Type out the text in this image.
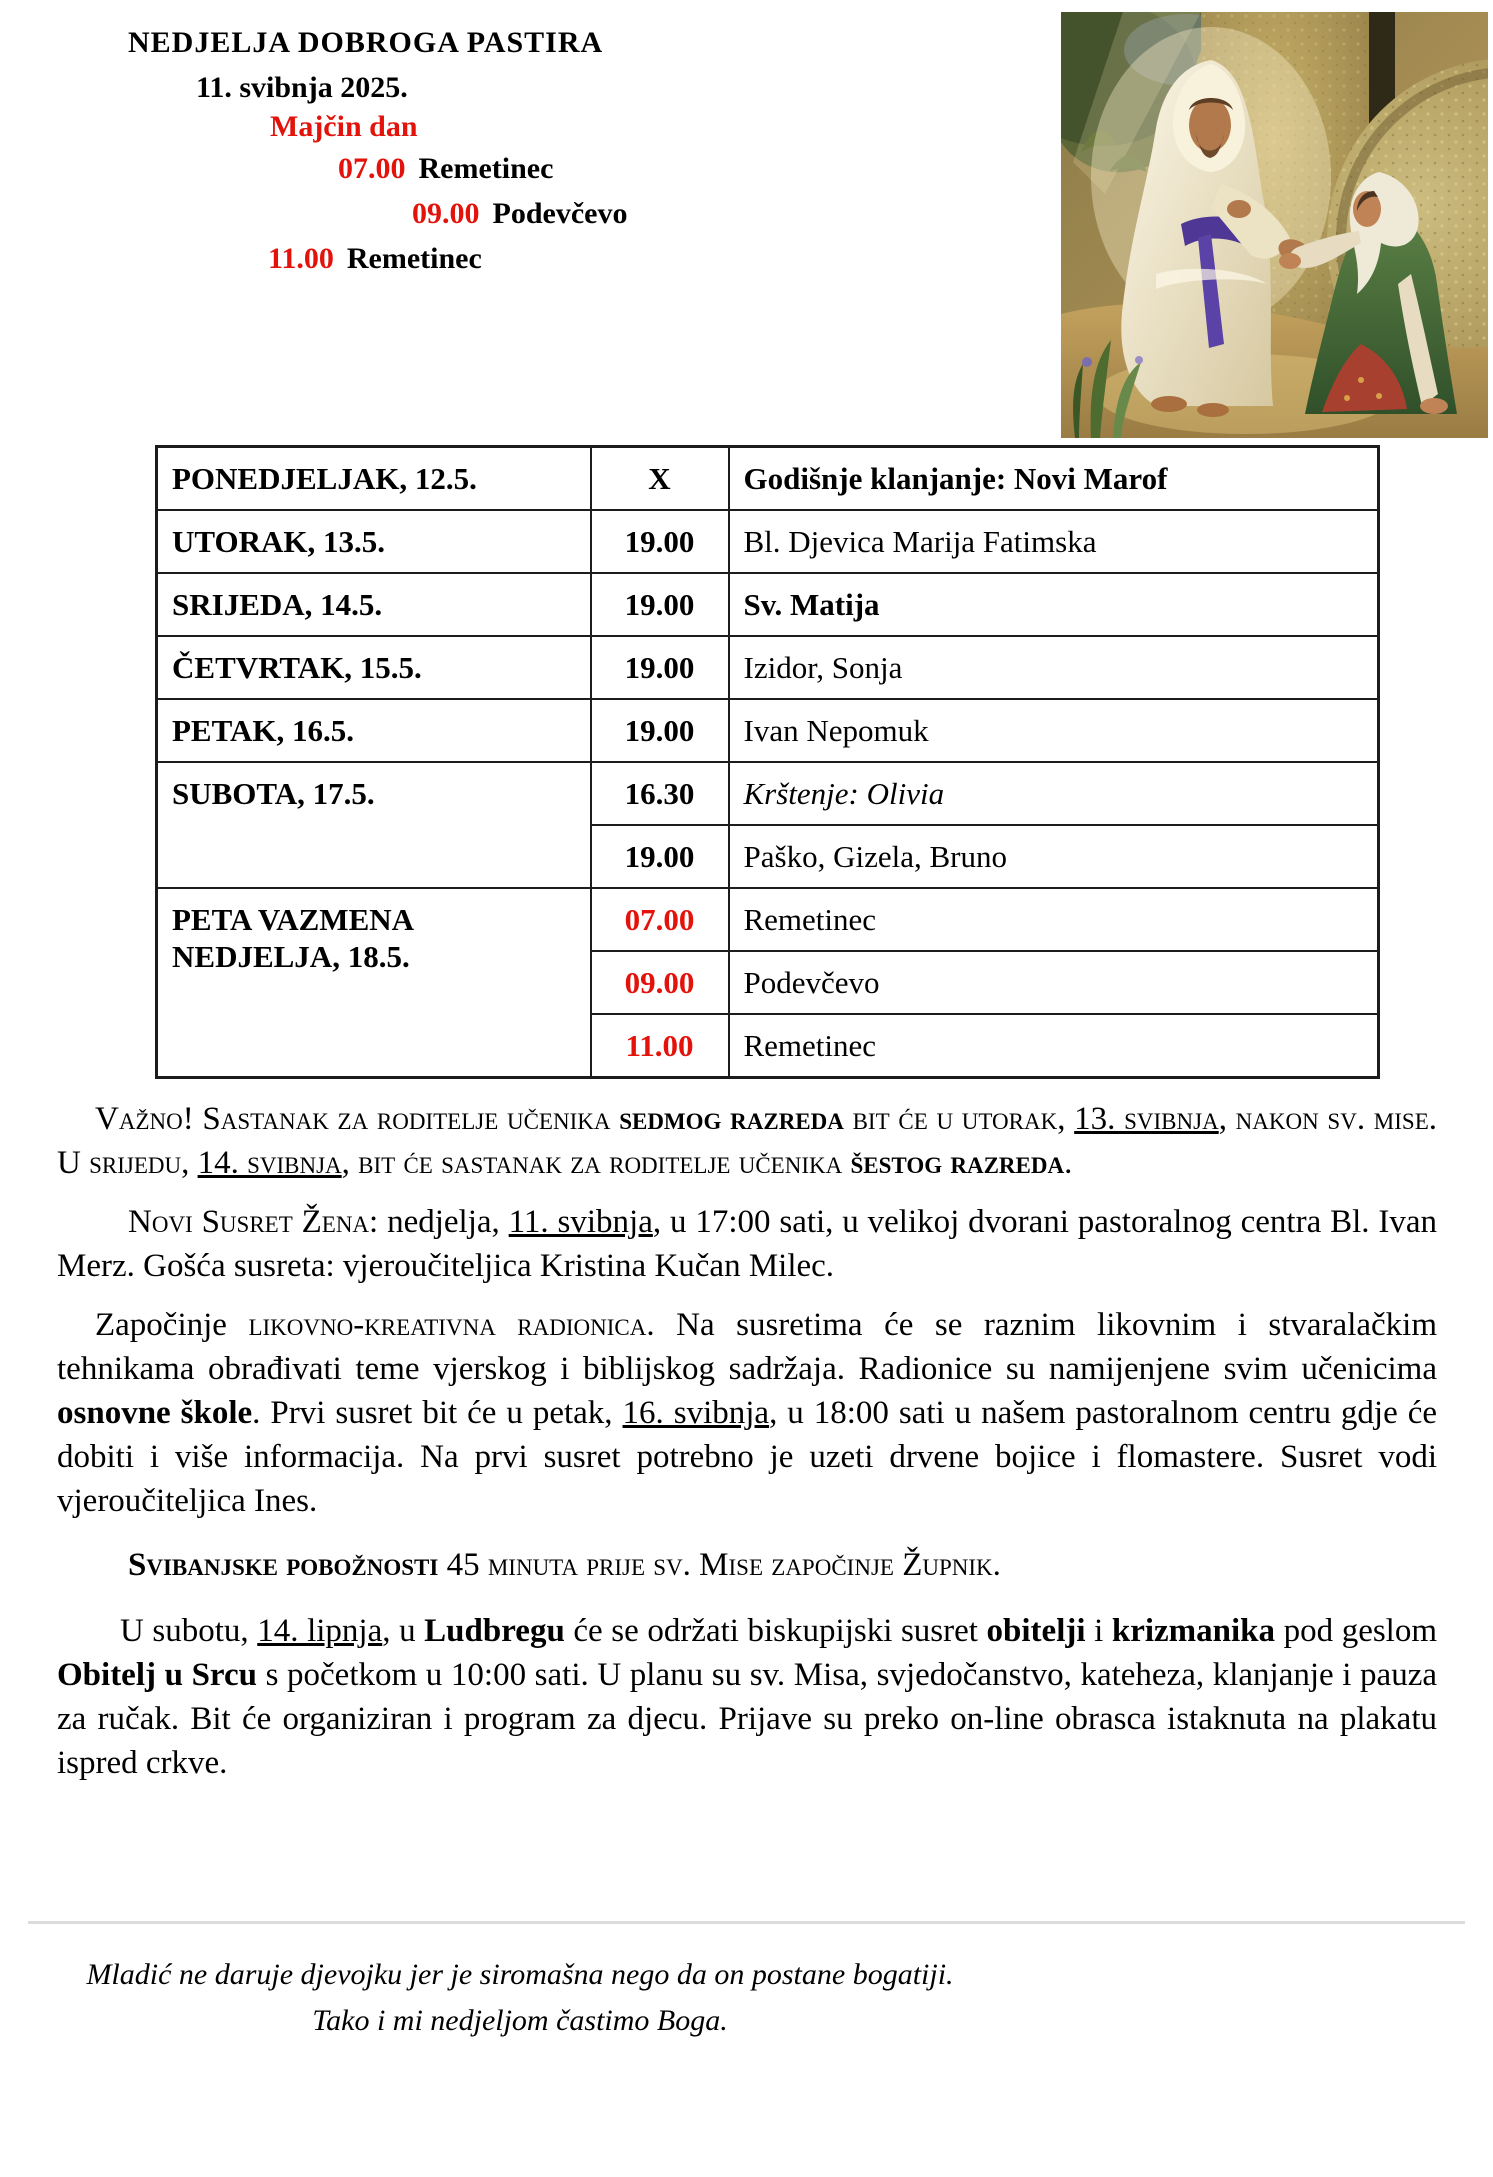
NEDJELJA DOBROGA PASTIRA
11. svibnja 2025.
Majčin dan
07.00 Remetinec
09.00 Podevčevo
11.00 Remetinec
PONEDJELJAK, 12.5.	X	Godišnje klanjanje: Novi Marof
UTORAK, 13.5.	19.00	Bl. Djevica Marija Fatimska
SRIJEDA, 14.5.	19.00	Sv. Matija
ČETVRTAK, 15.5.	19.00	Izidor, Sonja
PETAK, 16.5.	19.00	Ivan Nepomuk
SUBOTA, 17.5.	16.30	Krštenje: Olivia
	19.00	Paško, Gizela, Bruno
PETA VAZMENA NEDJELJA, 18.5.	07.00	Remetinec
	09.00	Podevčevo
	11.00	Remetinec

Važno! Sastanak za roditelje učenika sedmog razreda bit će u utorak, 13. svibnja, nakon sv. mise. U srijedu, 14. svibnja, bit će sastanak za roditelje učenika šestog razreda.

Novi Susret Žena: nedjelja, 11. svibnja, u 17:00 sati, u velikoj dvorani pastoralnog centra Bl. Ivan Merz. Gošća susreta: vjeroučiteljica Kristina Kučan Milec.

Započinje likovno-kreativna radionica. Na susretima će se raznim likovnim i stvaralačkim tehnikama obrađivati teme vjerskog i biblijskog sadržaja. Radionice su namijenjene svim učenicima osnovne škole. Prvi susret bit će u petak, 16. svibnja, u 18:00 sati u našem pastoralnom centru gdje će dobiti i više informacija. Na prvi susret potrebno je uzeti drvene bojice i flomastere. Susret vodi vjeroučiteljica Ines.

Svibanjske pobožnosti 45 minuta prije sv. Mise započinje Župnik.

U subotu, 14. lipnja, u Ludbregu će se održati biskupijski susret obitelji i krizmanika pod geslom Obitelj u Srcu s početkom u 10:00 sati. U planu su sv. Misa, svjedočanstvo, kateheza, klanjanje i pauza za ručak. Bit će organiziran i program za djecu. Prijave su preko on-line obrasca istaknuta na plakatu ispred crkve.

Mladić ne daruje djevojku jer je siromašna nego da on postane bogatiji.
Tako i mi nedjeljom častimo Boga.
